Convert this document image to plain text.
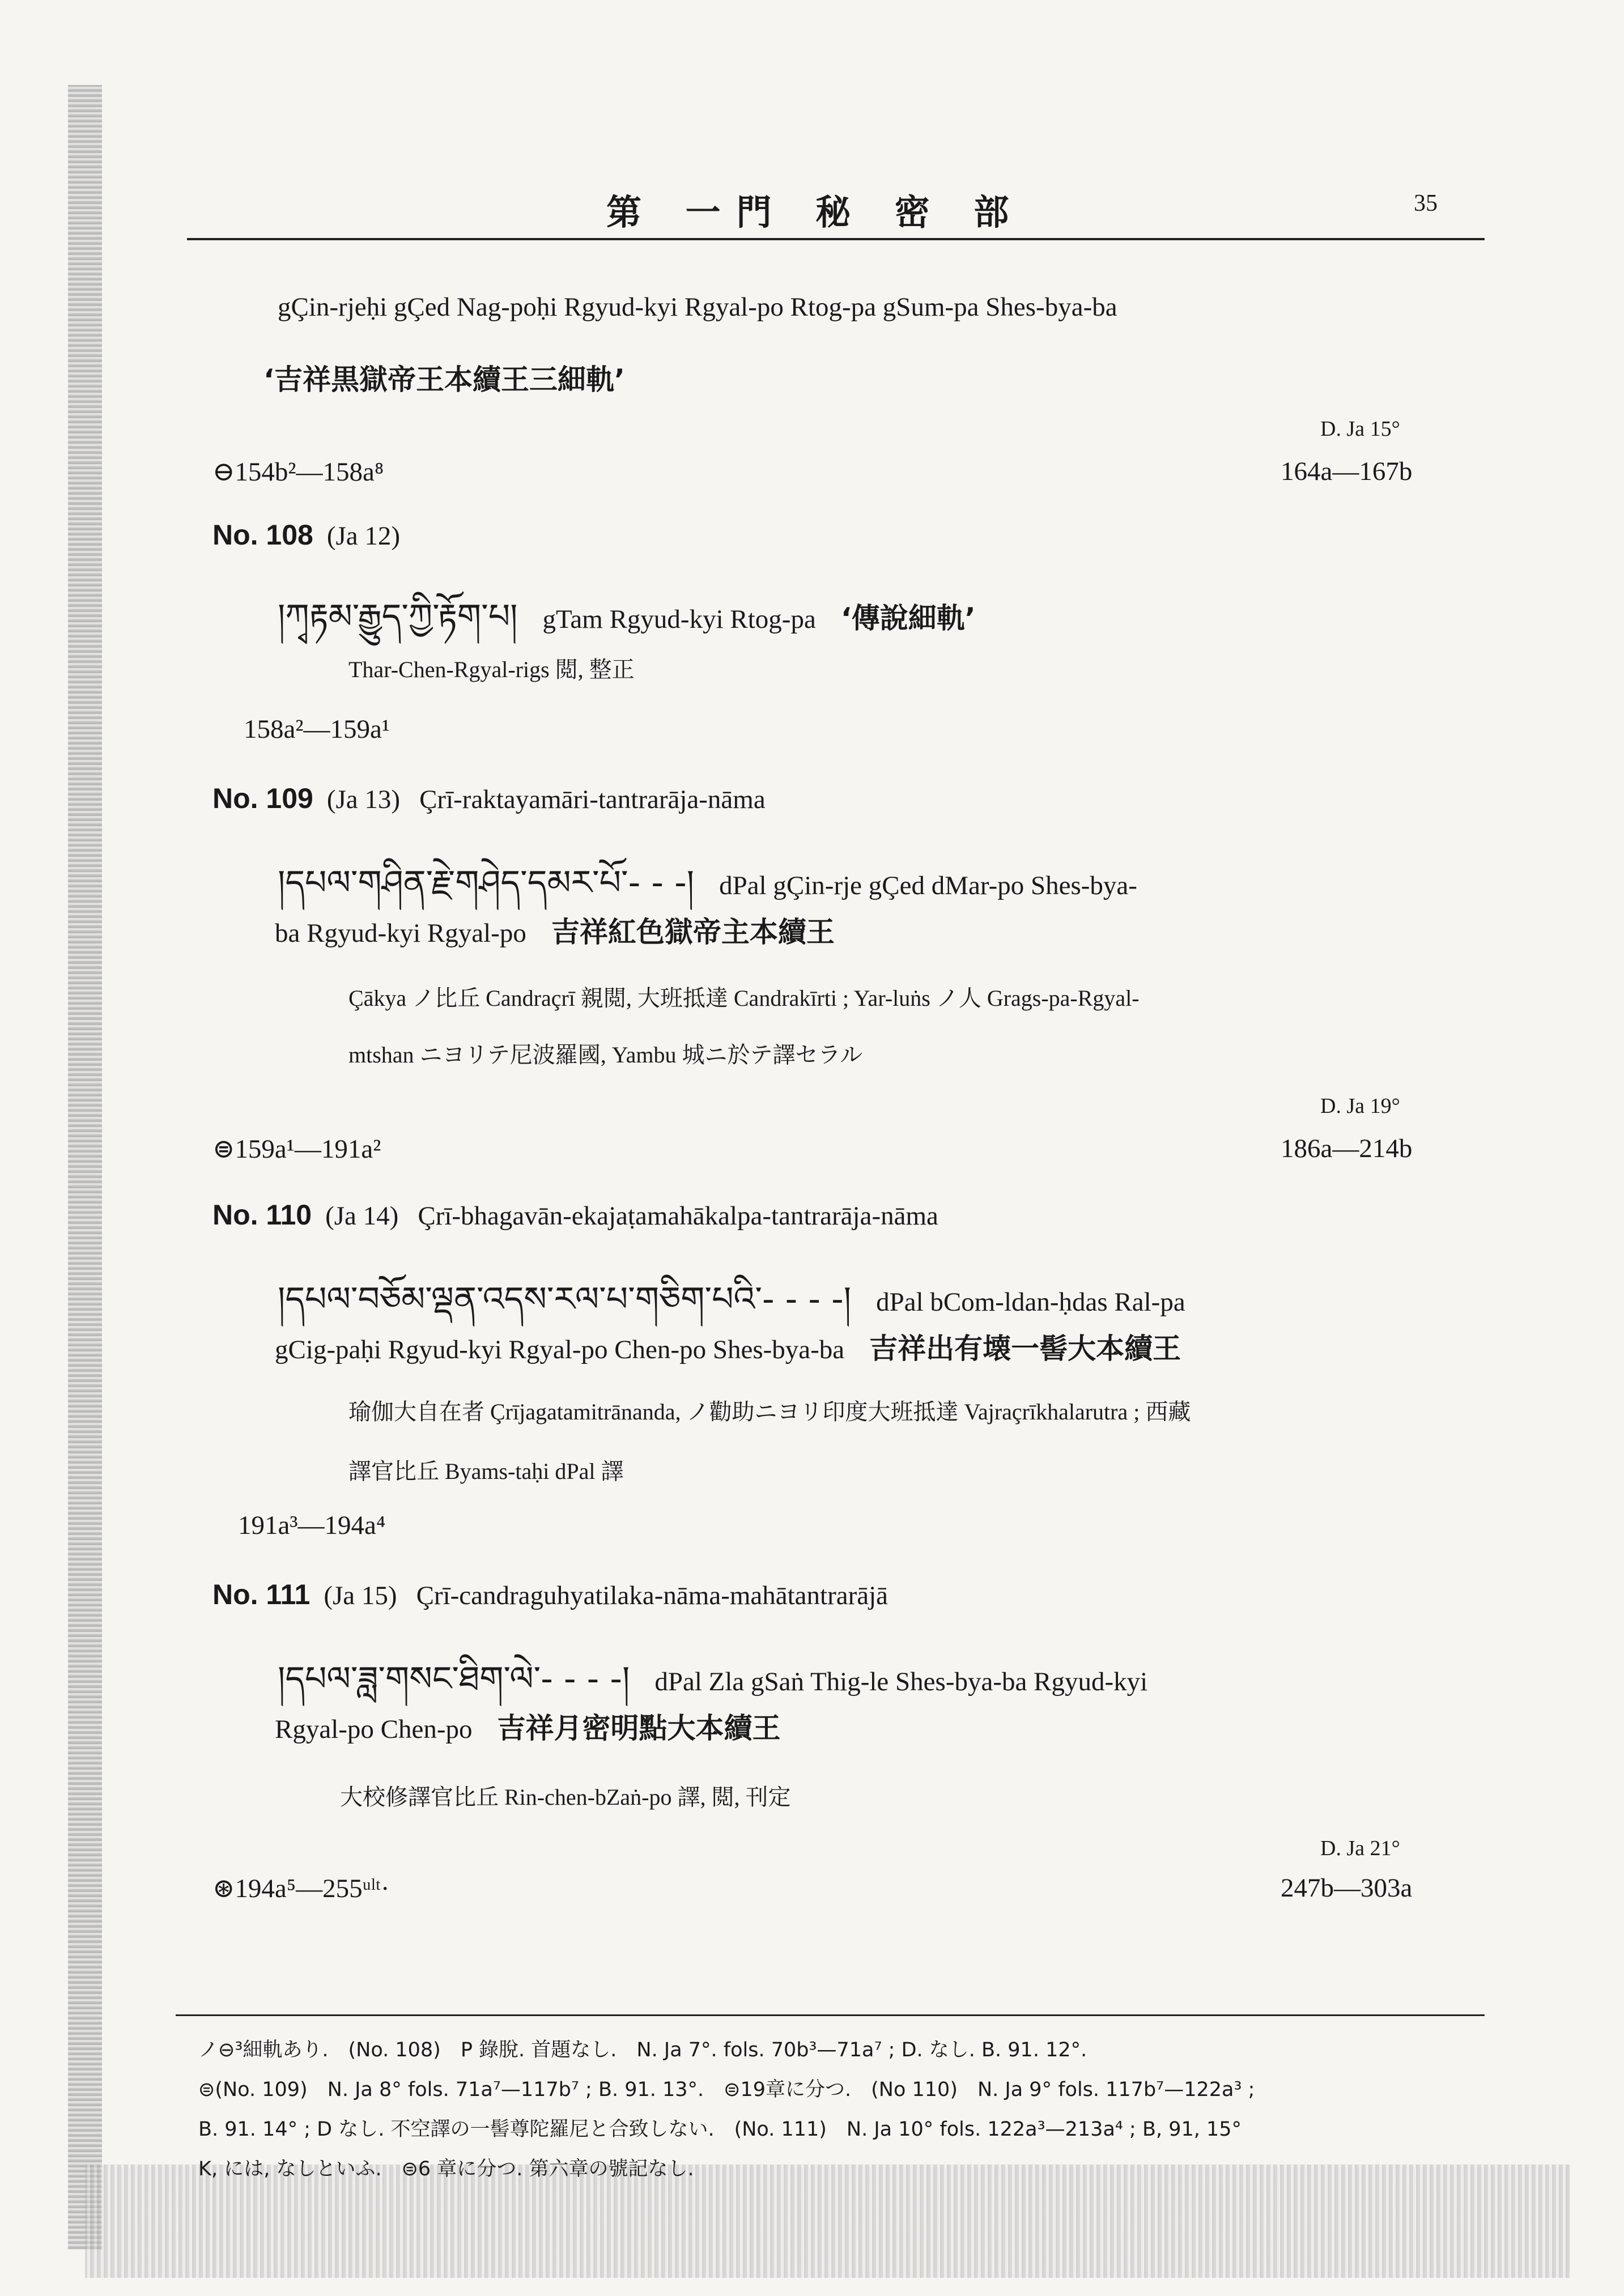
第 一門 秘 密 部	35
gÇin-rjeḥi gÇed Nag-poḥi Rgyud-kyi Rgyal-po Rtog-pa gSum-pa Shes-bya-ba
‘吉祥黒獄帝王本續王三細軌’
D. Ja 15°
⊖154b²—158a⁸	164a—167b
No. 108 (Ja 12)
།ཀྭརྟམ་རྒྱུད་ཀྱི་རྟོག་པ། gTam Rgyud-kyi Rtog-pa ‘傳說細軌’
Thar-Chen-Rgyal-rigs 閲, 整正
158a²—159a¹
No. 109 (Ja 13) Çrī-raktayamāri-tantrarāja-nāma
།དཔལ་གཤིན་རྗེ་གཤེད་དམར་པོ་- - -། dPal gÇin-rje gÇed dMar-po Shes-bya-
ba Rgyud-kyi Rgyal-po 吉祥紅色獄帝主本續王
Çākya ノ比丘 Candraçrī 親閲, 大班抵達 Candrakīrti ; Yar-luṅs ノ人 Grags-pa-Rgyal-
mtshan ニヨリテ尼波羅國, Yambu 城ニ於テ譯セラル
D. Ja 19°
⊜159a¹—191a²	186a—214b
No. 110 (Ja 14) Çrī-bhagavān-ekajaṭamahākalpa-tantrarāja-nāma
།དཔལ་བཅོམ་ལྡན་འདས་རལ་པ་གཅིག་པའི་- - - -། dPal bCom-ldan-ḥdas Ral-pa
gCig-paḥi Rgyud-kyi Rgyal-po Chen-po Shes-bya-ba 吉祥出有壊一髻大本續王
瑜伽大自在者 Çrījagatamitrānanda, ノ勸助ニヨリ印度大班抵達 Vajraçrīkhalarutra ; 西藏
譯官比丘 Byams-taḥi dPal 譯
191a³—194a⁴
No. 111 (Ja 15) Çrī-candraguhyatilaka-nāma-mahātantrarājā
།དཔལ་ཟླ་གསང་ཐིག་ལེ་- - - -། dPal Zla gSaṅ Thig-le Shes-bya-ba Rgyud-kyi
Rgyal-po Chen-po 吉祥月密明點大本續王
大校修譯官比丘 Rin-chen-bZaṅ-po 譯, 閲, 刊定
D. Ja 21°
⊛194a⁵—255ᵘˡᵗ·	247b—303a
ノ⊖³細軌あり.　(No. 108)　P 錄脫. 首題なし.　N. Ja 7°. fols. 70b³—71a⁷ ; D. なし. B. 91. 12°.
⊜(No. 109)　N. Ja 8° fols. 71a⁷—117b⁷ ; B. 91. 13°.　⊜19章に分つ.　(No 110)　N. Ja 9° fols. 117b⁷—122a³ ;
B. 91. 14° ; D なし. 不空譯の一髻尊陀羅尼と合致しない.　(No. 111)　N. Ja 10° fols. 122a³—213a⁴ ; B, 91, 15°
K, には, なしといふ.　⊜6 章に分つ. 第六章の號記なし.
